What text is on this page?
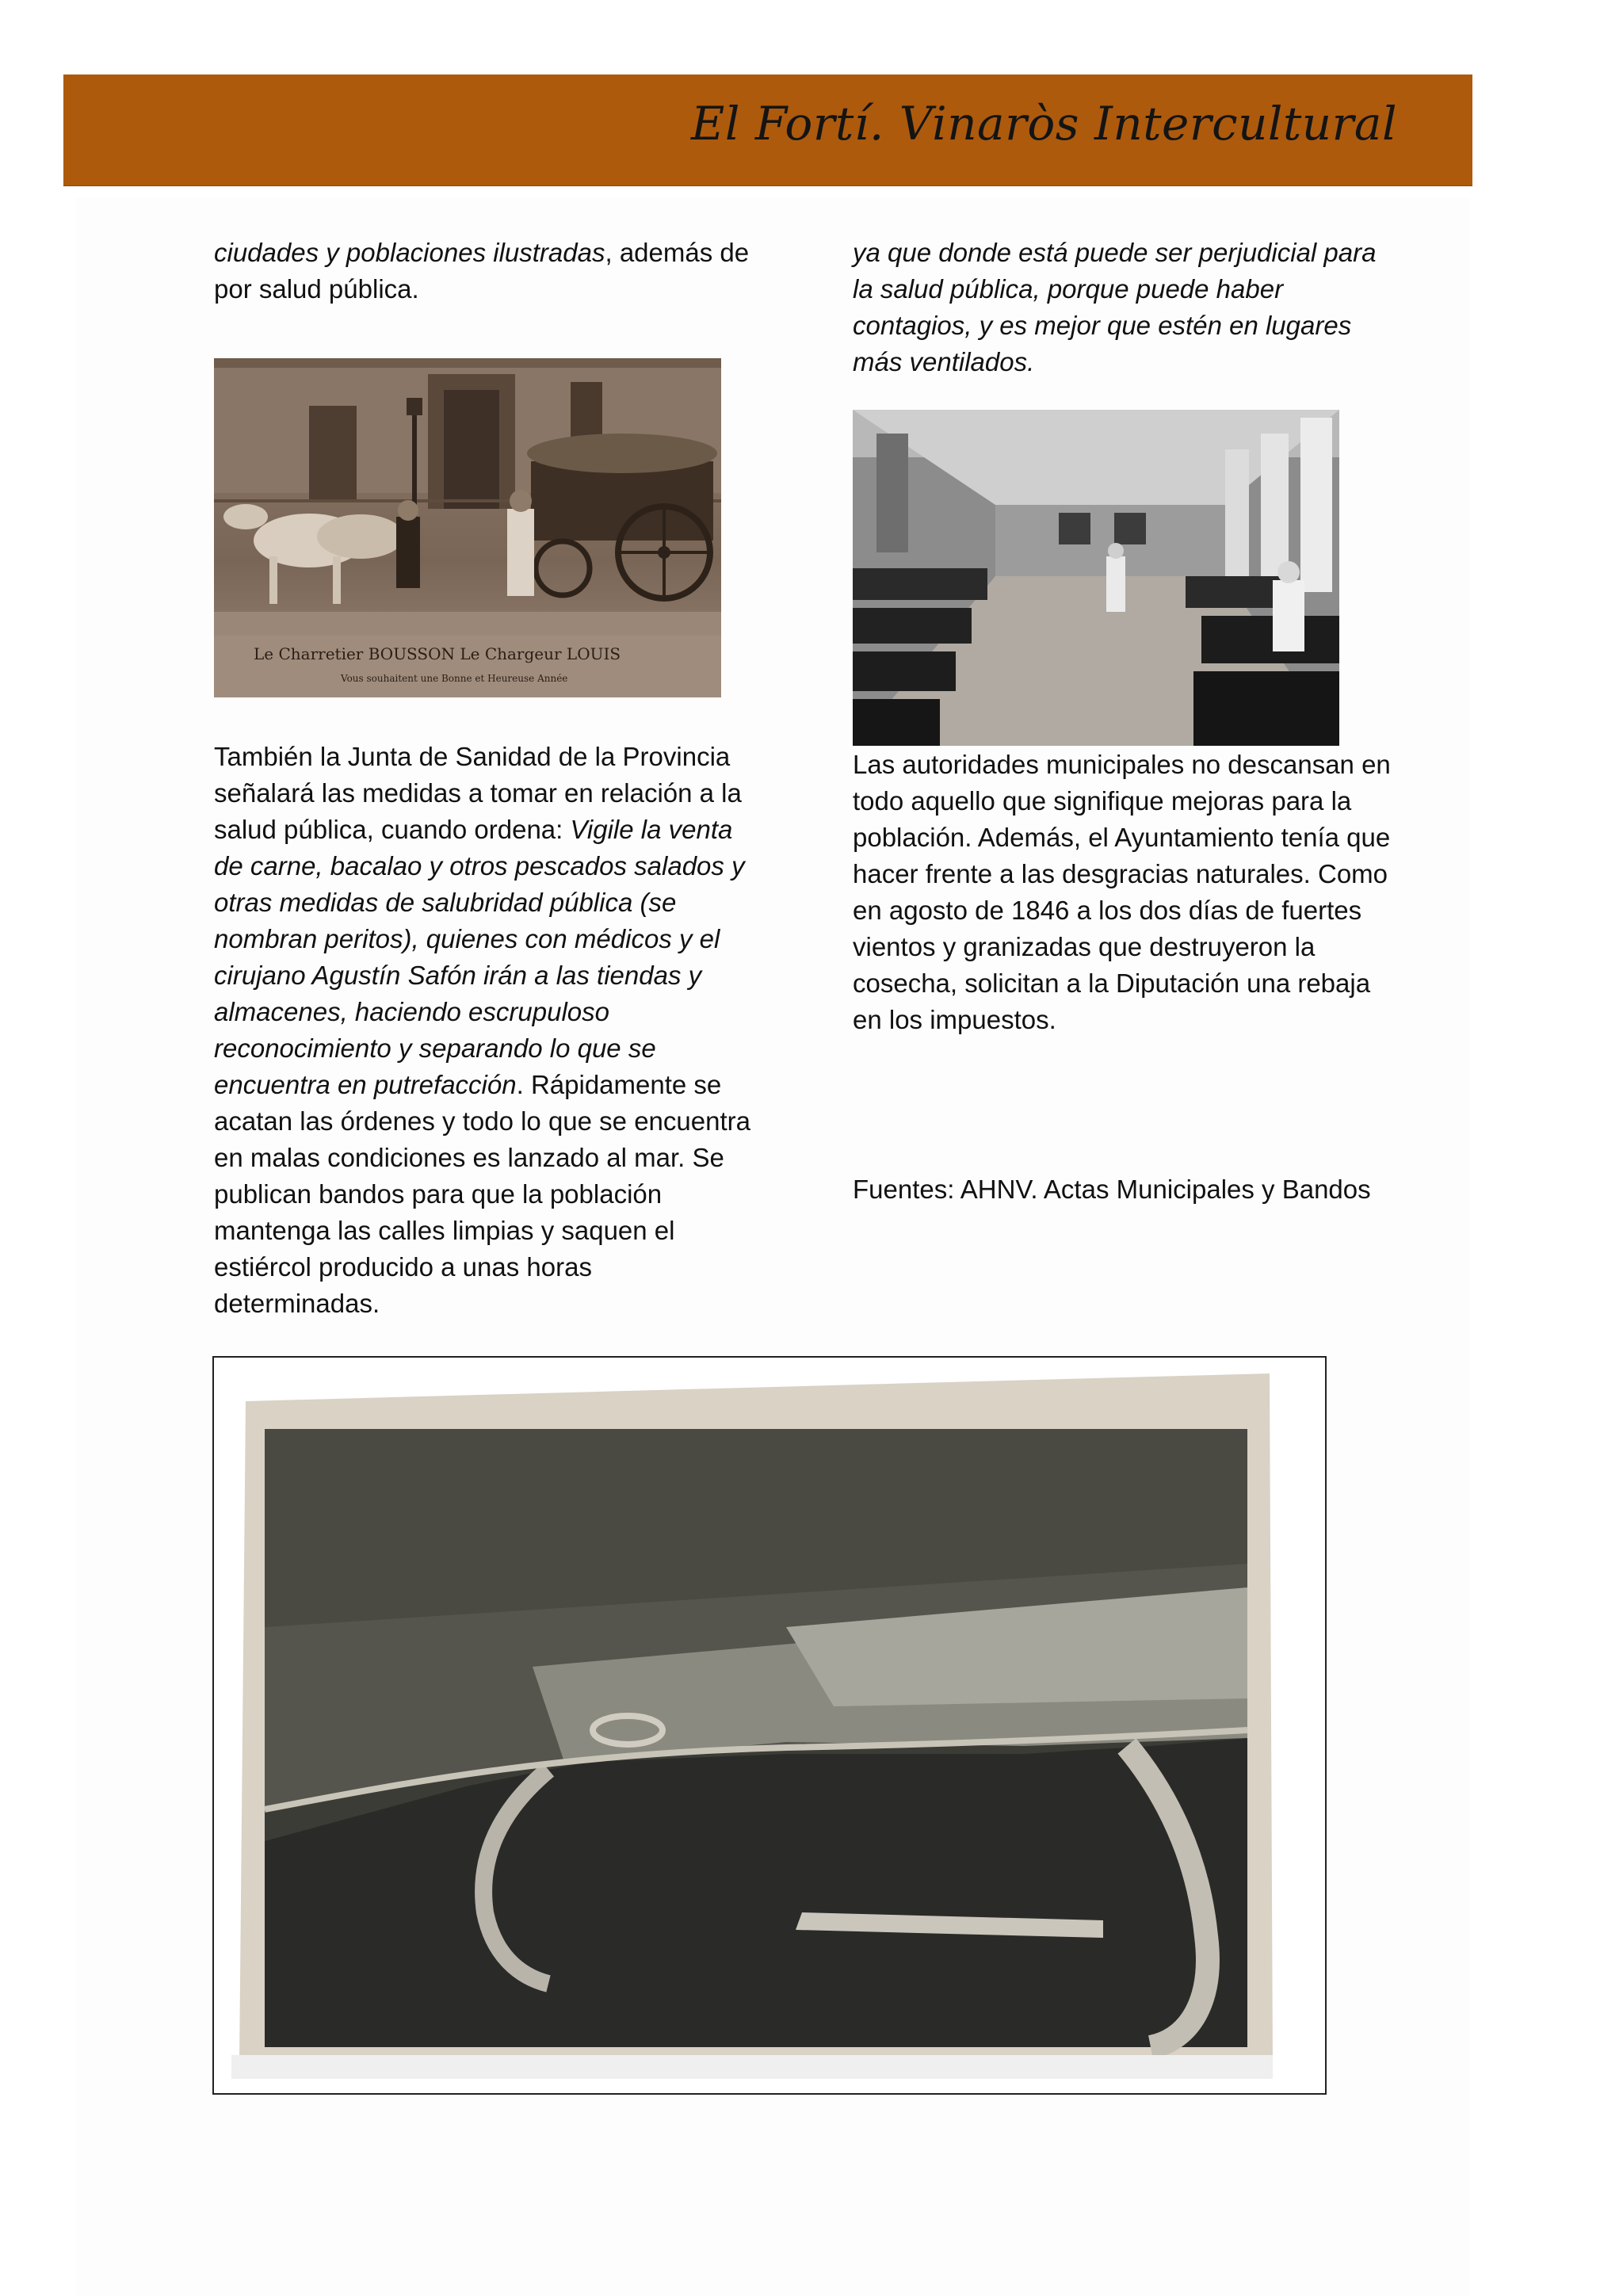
El Fortí. Vinaròs Intercultural

ciudades y poblaciones ilustradas, además de por salud pública.

ya que donde está puede ser perjudicial para la salud pública, porque puede haber contagios, y es mejor que estén en lugares más ventilados.

Le Charretier BOUSSON Le Chargeur LOUIS
Vous souhaitent une Bonne et Heureuse Année

También la Junta de Sanidad de la Provincia señalará las medidas a tomar en relación a la salud pública, cuando ordena: Vigile la venta de carne, bacalao y otros pescados salados y otras medidas de salubridad pública (se nombran peritos), quienes con médicos y el cirujano Agustín Safón irán a las tiendas y almacenes, haciendo escrupuloso reconocimiento y separando lo que se encuentra en putrefacción. Rápidamente se acatan las órdenes y todo lo que se encuentra en malas condiciones es lanzado al mar. Se publican bandos para que la población mantenga las calles limpias y saquen el estiércol producido a unas horas determinadas.

Las autoridades municipales no descansan en todo aquello que signifique mejoras para la población. Además, el Ayuntamiento tenía que hacer frente a las desgracias naturales. Como en agosto de 1846 a los dos días de fuertes vientos y granizadas que destruyeron la cosecha, solicitan a la Diputación una rebaja en los impuestos.

Fuentes: AHNV. Actas Municipales y Bandos
